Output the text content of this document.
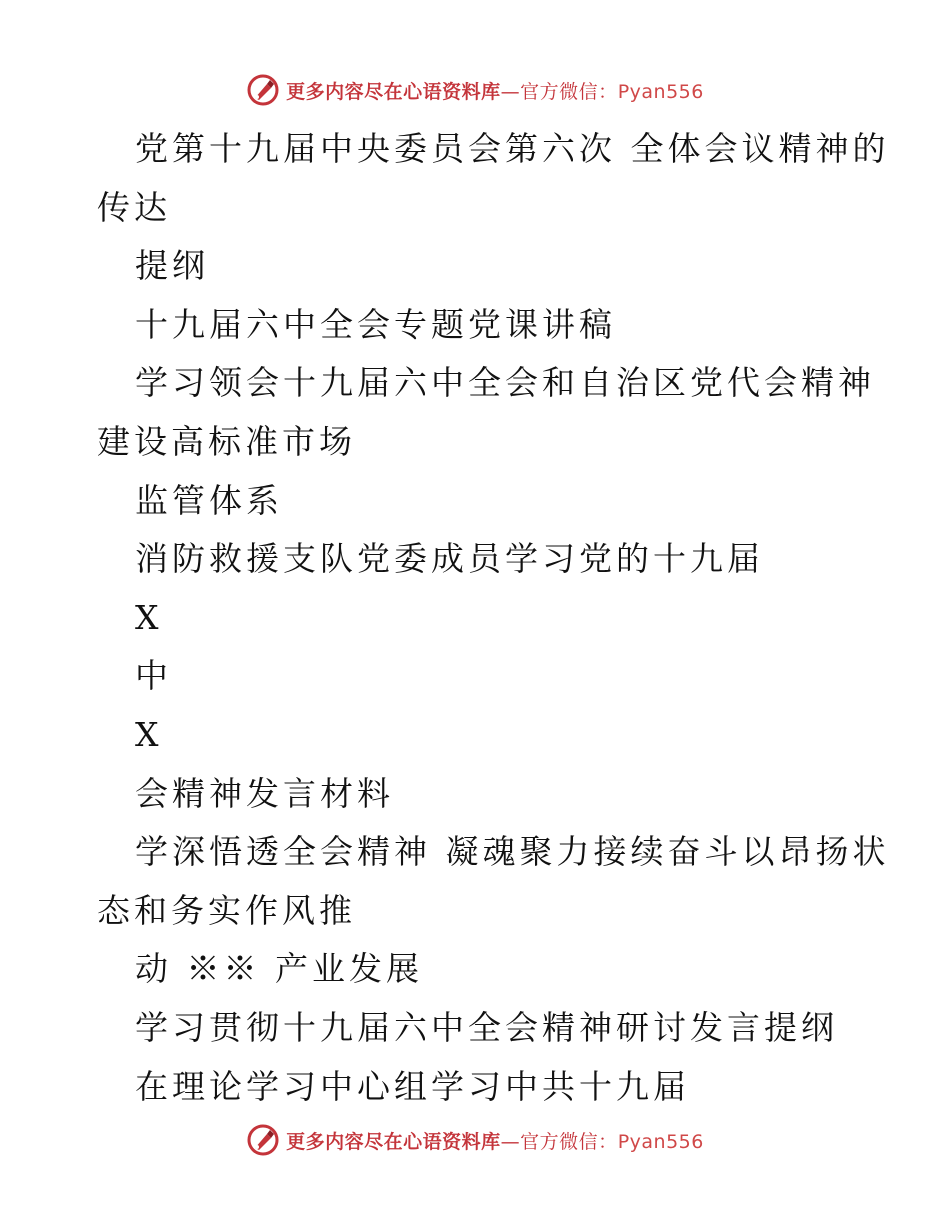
更多内容尽在心语资料库—官方微信：Pyan556
党第十九届中央委员会第六次 全体会议精神的
传达
提纲
十九届六中全会专题党课讲稿
学习领会十九届六中全会和自治区党代会精神
建设高标准市场
监管体系
消防救援支队党委成员学习党的十九届
X
中
X
会精神发言材料
学深悟透全会精神 凝魂聚力接续奋斗以昂扬状
态和务实作风推
动 ※※ 产业发展
学习贯彻十九届六中全会精神研讨发言提纲
在理论学习中心组学习中共十九届
更多内容尽在心语资料库—官方微信：Pyan556
